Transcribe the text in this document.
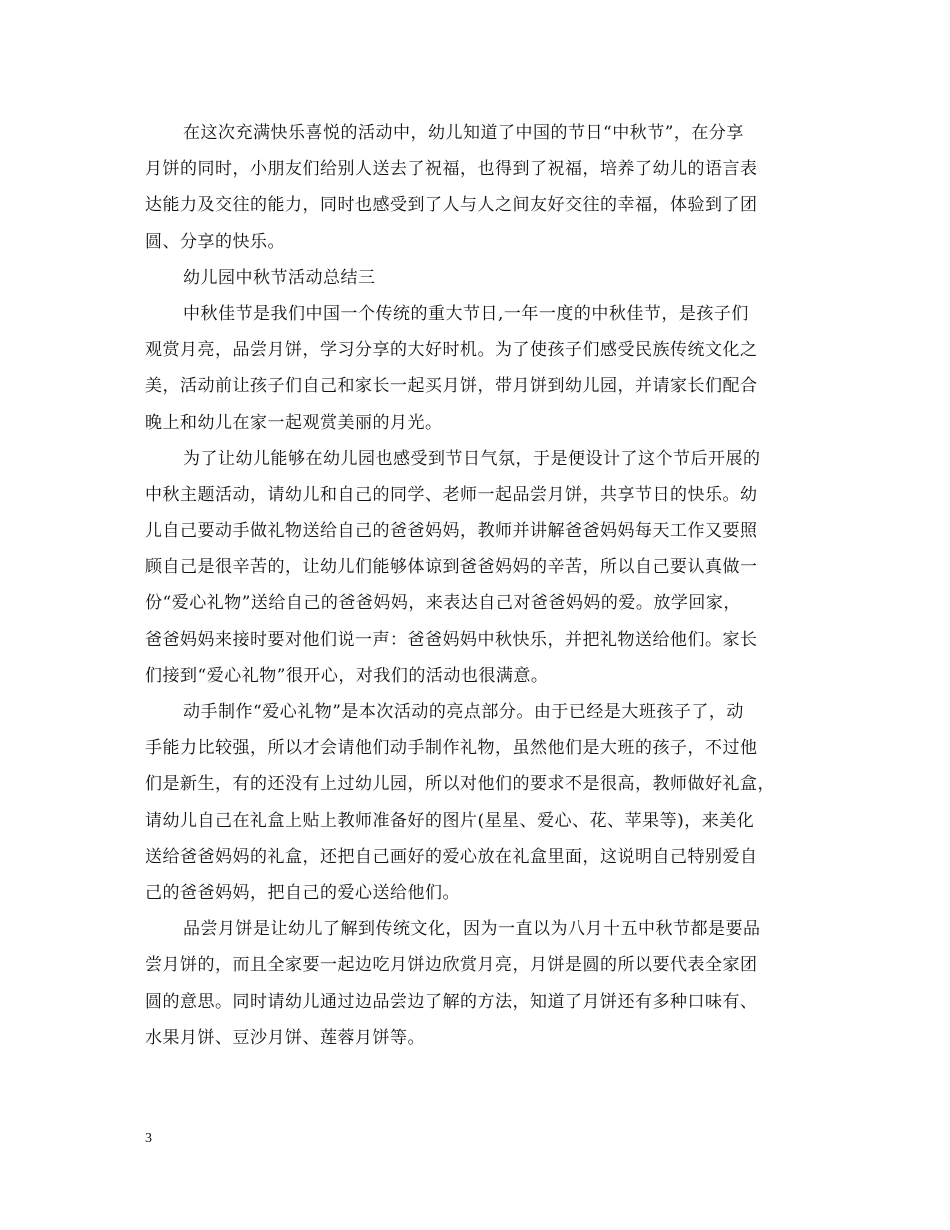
在这次充满快乐喜悦的活动中，幼儿知道了中国的节日“中秋节”，在分享
月饼的同时，小朋友们给别人送去了祝福，也得到了祝福，培养了幼儿的语言表
达能力及交往的能力，同时也感受到了人与人之间友好交往的幸福，体验到了团
圆、分享的快乐。

幼儿园中秋节活动总结三

中秋佳节是我们中国一个传统的重大节日,一年一度的中秋佳节，是孩子们
观赏月亮，品尝月饼，学习分享的大好时机。为了使孩子们感受民族传统文化之
美，活动前让孩子们自己和家长一起买月饼，带月饼到幼儿园，并请家长们配合
晚上和幼儿在家一起观赏美丽的月光。

为了让幼儿能够在幼儿园也感受到节日气氛，于是便设计了这个节后开展的
中秋主题活动，请幼儿和自己的同学、老师一起品尝月饼，共享节日的快乐。幼
儿自己要动手做礼物送给自己的爸爸妈妈，教师并讲解爸爸妈妈每天工作又要照
顾自己是很辛苦的，让幼儿们能够体谅到爸爸妈妈的辛苦，所以自己要认真做一
份“爱心礼物”送给自己的爸爸妈妈，来表达自己对爸爸妈妈的爱。放学回家，
爸爸妈妈来接时要对他们说一声：爸爸妈妈中秋快乐，并把礼物送给他们。家长
们接到“爱心礼物”很开心，对我们的活动也很满意。

动手制作“爱心礼物”是本次活动的亮点部分。由于已经是大班孩子了，动
手能力比较强，所以才会请他们动手制作礼物，虽然他们是大班的孩子，不过他
们是新生，有的还没有上过幼儿园，所以对他们的要求不是很高，教师做好礼盒，
请幼儿自己在礼盒上贴上教师准备好的图片(星星、爱心、花、苹果等)，来美化
送给爸爸妈妈的礼盒，还把自己画好的爱心放在礼盒里面，这说明自己特别爱自
己的爸爸妈妈，把自己的爱心送给他们。

品尝月饼是让幼儿了解到传统文化，因为一直以为八月十五中秋节都是要品
尝月饼的，而且全家要一起边吃月饼边欣赏月亮，月饼是圆的所以要代表全家团
圆的意思。同时请幼儿通过边品尝边了解的方法，知道了月饼还有多种口味有、
水果月饼、豆沙月饼、莲蓉月饼等。

3
